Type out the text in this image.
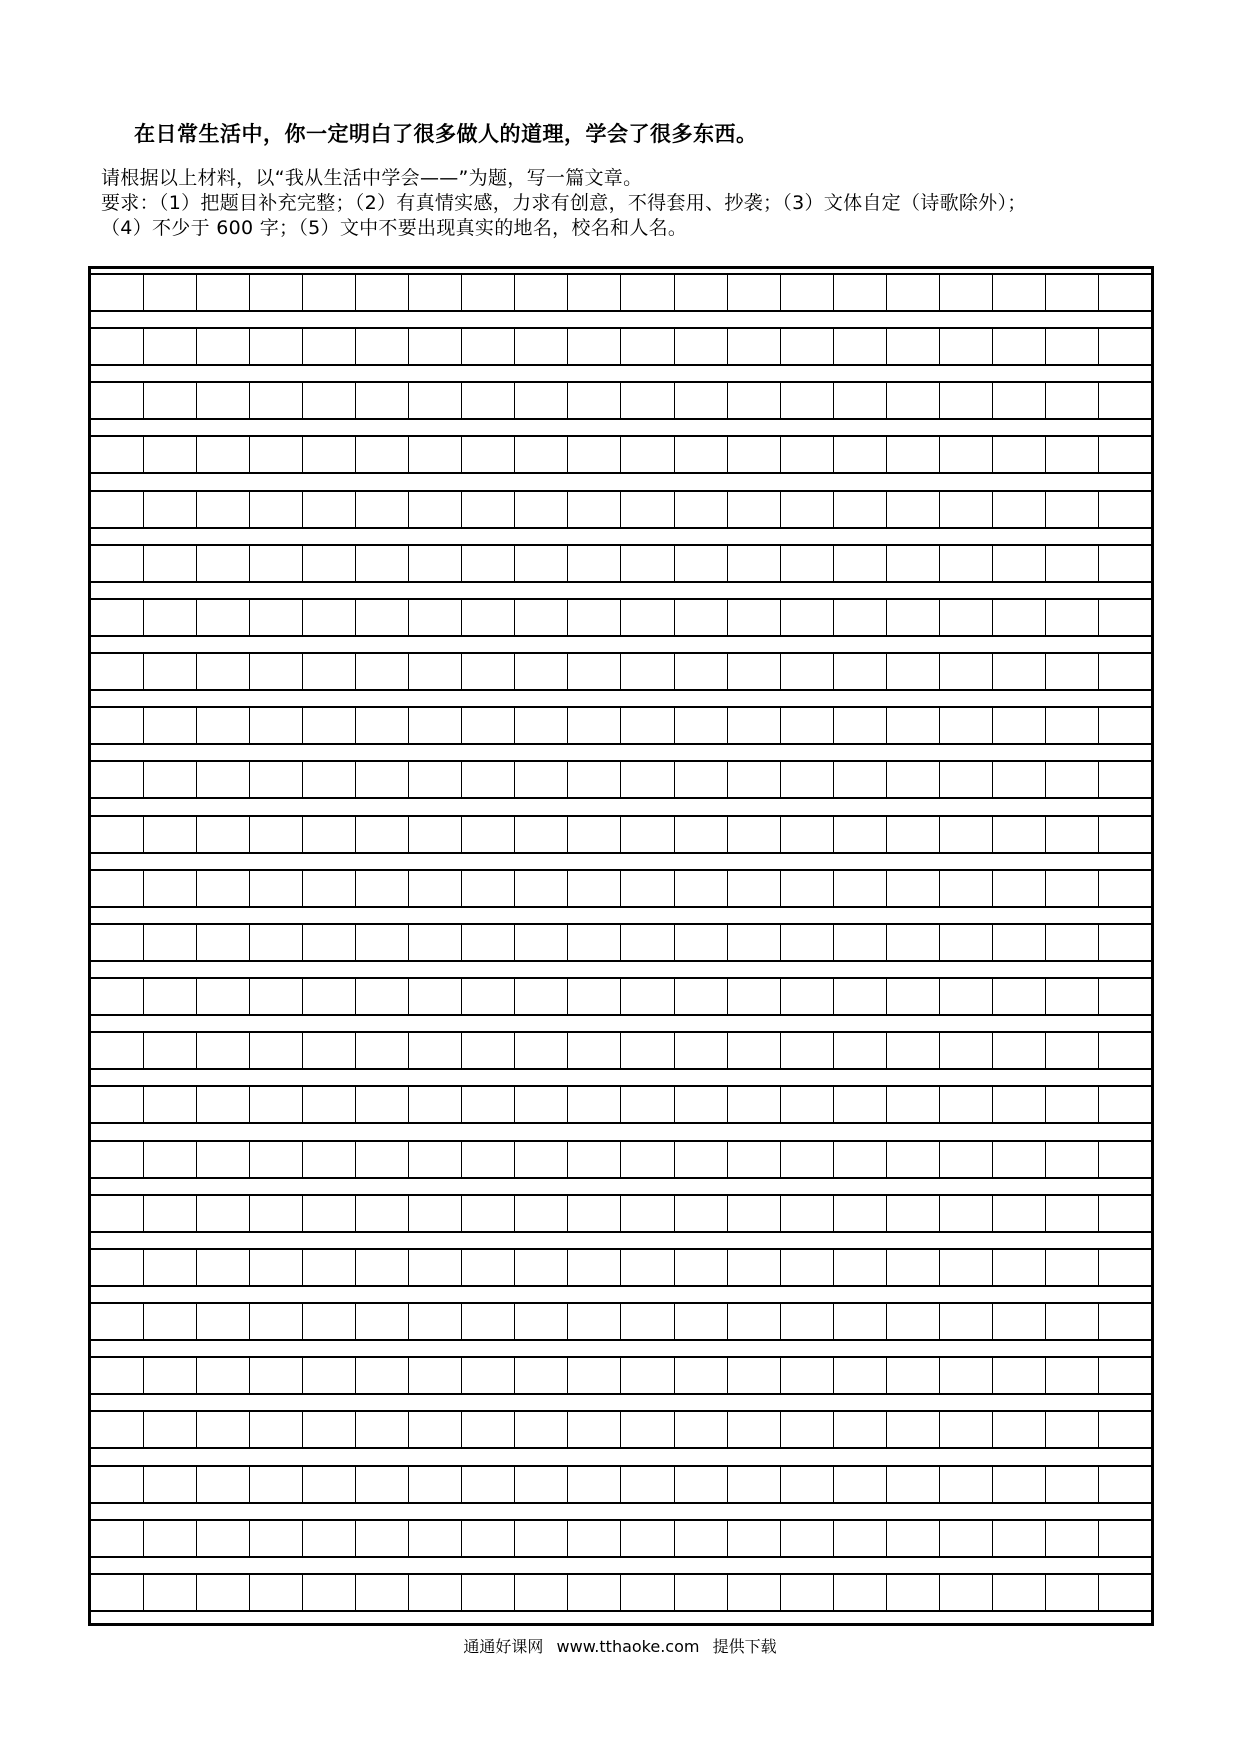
在日常生活中，你一定明白了很多做人的道理，学会了很多东西。
请根据以上材料，以“我从生活中学会——”为题，写一篇文章。
要求：（1）把题目补充完整；（2）有真情实感，力求有创意，不得套用、抄袭；（3）文体自定（诗歌除外）；
（4）不少于 600 字；（5）文中不要出现真实的地名，校名和人名。
通通好课网 www.tthaoke.com 提供下载
